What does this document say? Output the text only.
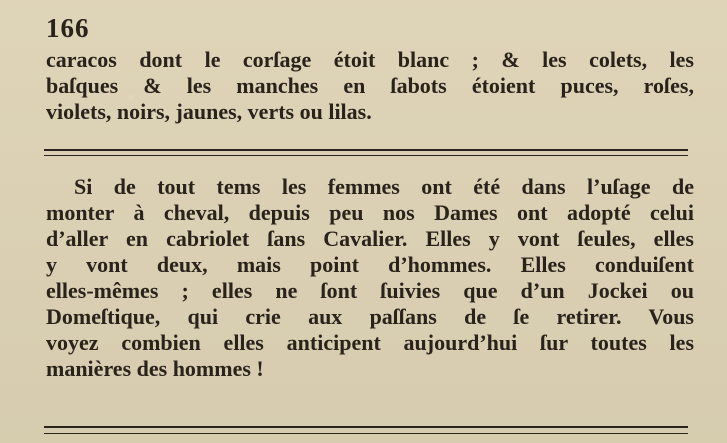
166
caracos dont le corſage étoit blanc ; & les colets, les
baſques & les manches en ſabots étoient puces, roſes,
violets, noirs, jaunes, verts ou lilas.
Si de tout tems les femmes ont été dans l’uſage de
monter à cheval, depuis peu nos Dames ont adopté celui
d’aller en cabriolet ſans Cavalier. Elles y vont ſeules, elles
y vont deux, mais point d’hommes. Elles conduiſent
elles-mêmes ; elles ne ſont ſuivies que d’un Jockei ou
Domeſtique, qui crie aux paſſans de ſe retirer. Vous
voyez combien elles anticipent aujourd’hui ſur toutes les
manières des hommes !
